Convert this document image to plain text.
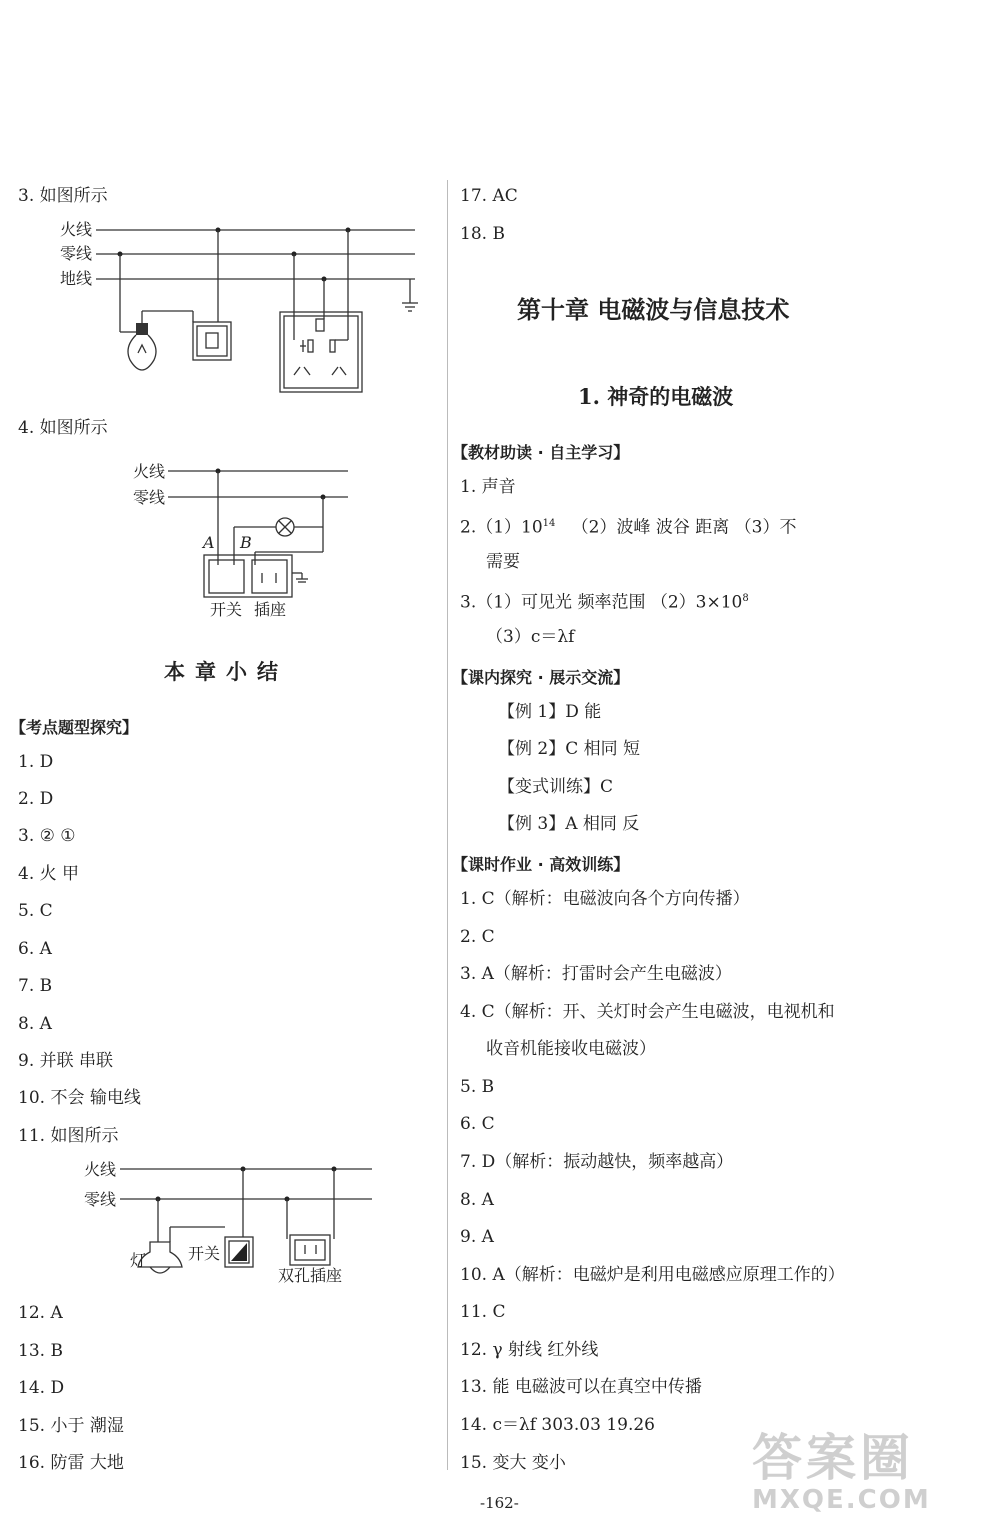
3. 如图所示
火线
零线
地线
4. 如图所示
火线
零线
A B
开关 插座
本章小结
【考点题型探究】
1. D
2. D
3. ② ①
4. 火 甲
5. C
6. A
7. B
8. A
9. 并联 串联
10. 不会 输电线
11. 如图所示
火线
零线
灯	开关
双孔插座
12. A
13. B
14. D
15. 小于 潮湿
16. 防雷 大地
17. AC
18. B
第十章 电磁波与信息技术
1. 神奇的电磁波
【教材助读 · 自主学习】
1. 声音
$2.(1)10^{14}$ （2）波峰 波谷 距离 （3）不
需要
3.（1）可见光 频率范围 $(2)3\times 10^8$
（3）c＝λf
【课内探究 · 展示交流】
【例 1】D 能
【例 2】C 相同 短
【变式训练】C
【例 3】A 相同 反
【课时作业 · 高效训练】
1. C（解析：电磁波向各个方向传播）
2. C
3. A（解析：打雷时会产生电磁波）
4. C（解析：开、关灯时会产生电磁波，电视机和
收音机能接收电磁波）
5. B
6. C
7. D（解析：振动越快，频率越高）
8. A
9. A
10. A（解析：电磁炉是利用电磁感应原理工作的）
11. C
12. γ 射线 红外线
13. 能 电磁波可以在真空中传播
14. c＝λf 303.03 19.26
15. 变大 变小
-162-
答案圈
MXQE.COM
